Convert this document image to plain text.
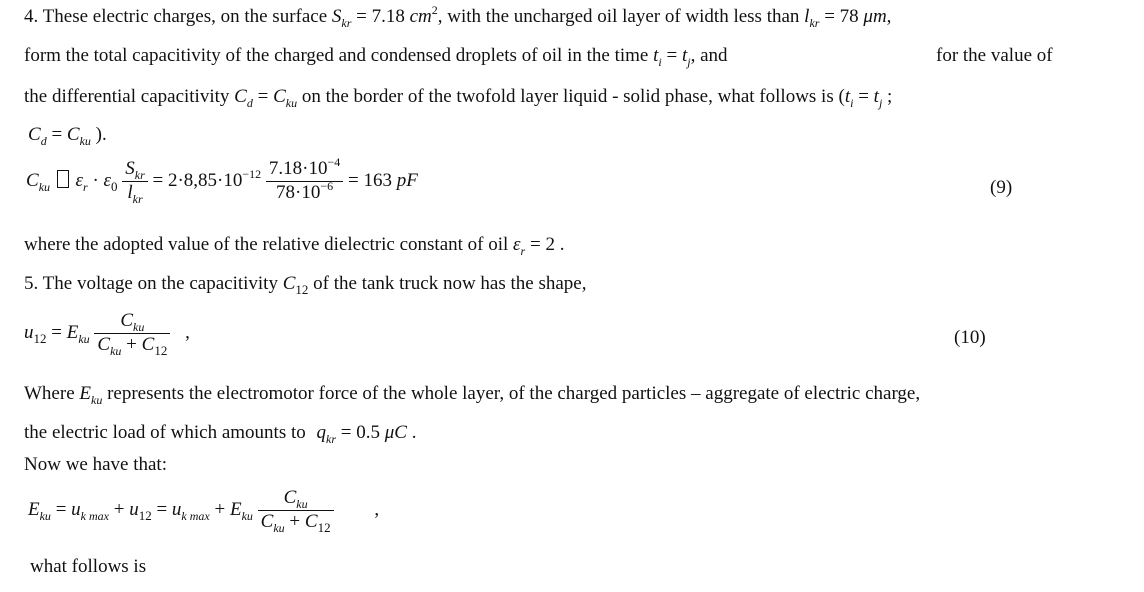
4. These electric charges, on the surface $S_{kr} = 7.18$ $cm^2$, with the uncharged oil layer of width less than $l_{kr} = 78$ μm,
form the total capacitivity of the charged and condensed droplets of oil in the time $t_i = t_j$, and	for the value of
the differential capacitivity $C_d = C_{ku}$ on the border of the twofold layer liquid - solid phase, what follows is ($t_i = t_j$ ;
$C_d = C_{ku}$ ).
$C_{ku}$ $\varepsilon_r \cdot \varepsilon_0 \frac{S_{kr}}{l_{kr}} = 2\cdot 8,85\cdot 10^{-12} \frac{7.18\cdot 10^{-4}}{78\cdot 10^{-6}} = 163$ pF	(9)
where the adopted value of the relative dielectric constant of oil $\varepsilon_r = 2$ .
5. The voltage on the capacitivity $C_{12}$ of the tank truck now has the shape,
$u_{12} = E_{ku} \frac{C_{ku}}{C_{ku} + C_{12}}$ ,	(10)
Where $E_{ku}$ represents the electromotor force of the whole layer, of the charged particles – aggregate of electric charge,
the electric load of which amounts to $q_{kr} = 0.5$ μC .
Now we have that:
$E_{ku} = u_{k max} + u_{12} = u_{k max} + E_{ku} \frac{C_{ku}}{C_{ku} + C_{12}}$ ,
what follows is
